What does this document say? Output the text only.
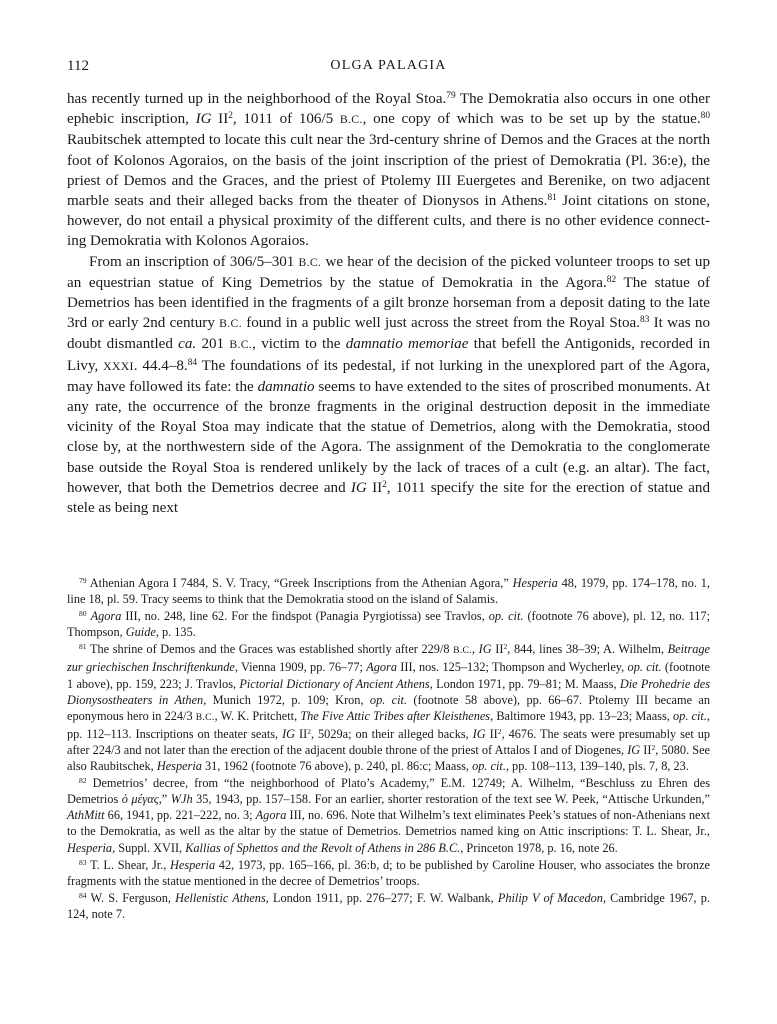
112	OLGA PALAGIA

has recently turned up in the neighborhood of the Royal Stoa.$^{79}$ The Demokratia also occurs in one other ephebic inscription, IG $II^2$, 1011 of 106/5 B.C., one copy of which was to be set up by the statue.$^{80}$ Raubitschek attempted to locate this cult near the 3rd-century shrine of Demos and the Graces at the north foot of Kolonos Agoraios, on the basis of the joint inscription of the priest of Demokratia (Pl. 36:e), the priest of Demos and the Graces, and the priest of Ptolemy III Euergetes and Berenike, on two adjacent marble seats and their alleged backs from the theater of Dionysos in Athens.$^{81}$ Joint citations on stone, however, do not entail a physical proximity of the different cults, and there is no other evidence connecting Demokratia with Kolonos Agoraios.

From an inscription of 306/5–301 B.C. we hear of the decision of the picked volunteer troops to set up an equestrian statue of King Demetrios by the statue of Demokratia in the Agora.$^{82}$ The statue of Demetrios has been identified in the fragments of a gilt bronze horseman from a deposit dating to the late 3rd or early 2nd century B.C. found in a public well just across the street from the Royal Stoa.$^{83}$ It was no doubt dismantled ca. 201 B.C., victim to the damnatio memoriae that befell the Antigonids, recorded in Livy, XXXI. 44.4–8.84 The foundations of its pedestal, if not lurking in the unexplored part of the Agora, may have followed its fate: the damnatio seems to have extended to the sites of proscribed monuments. At any rate, the occurrence of the bronze fragments in the original destruction deposit in the immediate vicinity of the Royal Stoa may indicate that the statue of Demetrios, along with the Demokratia, stood close by, at the northwestern side of the Agora. The assignment of the Demokratia to the conglomerate base outside the Royal Stoa is rendered unlikely by the lack of traces of a cult (e.g. an altar). The fact, however, that both the Demetrios decree and IG $II^2$, 1011 specify the site for the erection of statue and stele as being next

$^{79}$ Athenian Agora I 7484, S. V. Tracy, “Greek Inscriptions from the Athenian Agora,” Hesperia 48, 1979, pp. 174–178, no. 1, line 18, pl. 59. Tracy seems to think that the Demokratia stood on the island of Salamis.

$^{80}$ Agora III, no. 248, line 62. For the findspot (Panagia Pyrgiotissa) see Travlos, op. cit. (footnote 76 above), pl. 12, no. 117; Thompson, Guide, p. 135.

$^{81}$ The shrine of Demos and the Graces was established shortly after 229/8 B.C., IG $II^2$, 844, lines 38–39; A. Wilhelm, Beitrage zur griechischen Inschriftenkunde, Vienna 1909, pp. 76–77; Agora III, nos. 125–132; Thompson and Wycherley, op. cit. (footnote 1 above), pp. 159, 223; J. Travlos, Pictorial Dictionary of Ancient Athens, London 1971, pp. 79–81; M. Maass, Die Prohedrie des Dionysostheaters in Athen, Munich 1972, p. 109; Kron, op. cit. (footnote 58 above), pp. 66–67. Ptolemy III became an eponymous hero in 224/3 B.C., W. K. Pritchett, The Five Attic Tribes after Kleisthenes, Baltimore 1943, pp. 13–23; Maass, op. cit., pp. 112–113. Inscriptions on theater seats, IG $II^2$, 5029a; on their alleged backs, IG $II^2$, 4676. The seats were presumably set up after 224/3 and not later than the erection of the adjacent double throne of the priest of Attalos I and of Diogenes, IG $II^2$, 5080. See also Raubitschek, Hesperia 31, 1962 (footnote 76 above), p. 240, pl. 86:c; Maass, op. cit., pp. 108–113, 139–140, pls. 7, 8, 23.

$^{82}$ Demetrios’ decree, from “the neighborhood of Plato’s Academy,” E.M. 12749; A. Wilhelm, “Beschluss zu Ehren des Demetrios ὁ μέγας,” WJh 35, 1943, pp. 157–158. For an earlier, shorter restoration of the text see W. Peek, “Attische Urkunden,” AthMitt 66, 1941, pp. 221–222, no. 3; Agora III, no. 696. Note that Wilhelm’s text eliminates Peek’s statues of non-Athenians next to the Demokratia, as well as the altar by the statue of Demetrios. Demetrios named king on Attic inscriptions: T. L. Shear, Jr., Hesperia, Suppl. XVII, Kallias of Sphettos and the Revolt of Athens in 286 B.C., Princeton 1978, p. 16, note 26.

$^{83}$ T. L. Shear, Jr., Hesperia 42, 1973, pp. 165–166, pl. 36:b, d; to be published by Caroline Houser, who associates the bronze fragments with the statue mentioned in the decree of Demetrios’ troops.

$^{84}$ W. S. Ferguson, Hellenistic Athens, London 1911, pp. 276–277; F. W. Walbank, Philip V of Macedon, Cambridge 1967, p. 124, note 7.
